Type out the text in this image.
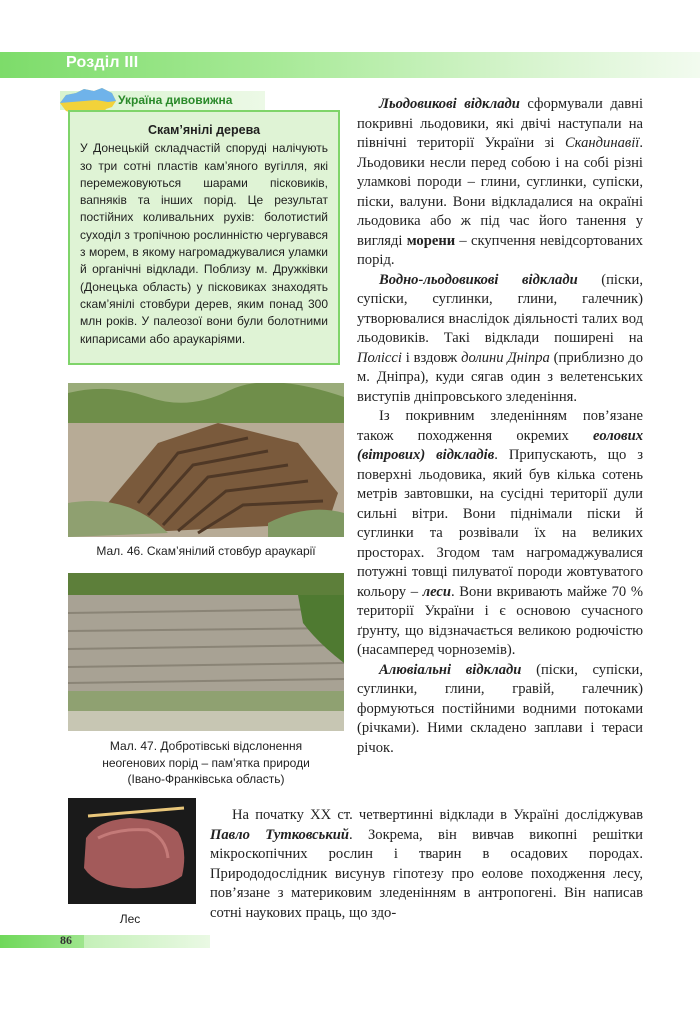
Розділ III
Україна дивовижна
Скам’янілі дерева
У Донецькій складчастій споруді налічують зо три сотні пластів кам’яного вугілля, які перемежовуються шарами пісковиків, вапняків та інших порід. Це результат постійних коливальних рухів: болотистий суходіл з тропічною рослинністю чергувався з морем, в якому нагромаджувалися уламки й органічні відклади. Поблизу м. Дружківки (Донецька область) у пісковиках знаходять скам’янілі стовбури дерев, яким понад 300 млн років. У палеозої вони були болотними кипарисами або араукаріями.
Мал. 46. Скам’янілий стовбур араукарії
Мал. 47. Добротівські відслонення
неогенових порід – пам’ятка природи
(Івано-Франківська область)
Лес

Льодовикові відклади сформували давні покривні льодовики, які двічі наступали на північні території України зі Скандинавії. Льодовики несли перед собою і на собі різні уламкові породи – глини, суглинки, супіски, піски, валуни. Вони відкладалися на окраїні льодовика або ж під час його танення у вигляді морени – скупчення невідсортованих порід.

Водно-льодовикові відклади (піски, супіски, суглинки, глини, галечник) утворювалися внаслідок діяльності талих вод льодовиків. Такі відклади поширені на Поліссі і вздовж долини Дніпра (приблизно до м. Дніпра), куди сягав один з велетенських виступів дніпровського зледеніння.

Із покривним зледенінням пов’язане також походження окремих еолових (вітрових) відкладів. Припускають, що з поверхні льодовика, який був кілька сотень метрів завтовшки, на сусідні території дули сильні вітри. Вони піднімали піски й суглинки та розвівали їх на великих просторах. Згодом там нагромаджувалися потужні товщі пилуватої породи жовтуватого кольору – леси. Вони вкривають майже 70 % території України і є основою сучасного ґрунту, що відзначається великою родючістю (насамперед чорноземів).

Алювіальні відклади (піски, супіски, суглинки, глини, гравій, галечник) формуються постійними водними потоками (річками). Ними складено заплави і тераси річок.

На початку XX ст. четвертинні відклади в Україні досліджував Павло Тутковський. Зокрема, він вивчав викопні решітки мікроскопічних рослин і тварин в осадових породах. Природодослідник висунув гіпотезу про еолове походження лесу, пов’язане з материковим зледенінням в антропогені. Він написав сотні наукових праць, що здо-

86
